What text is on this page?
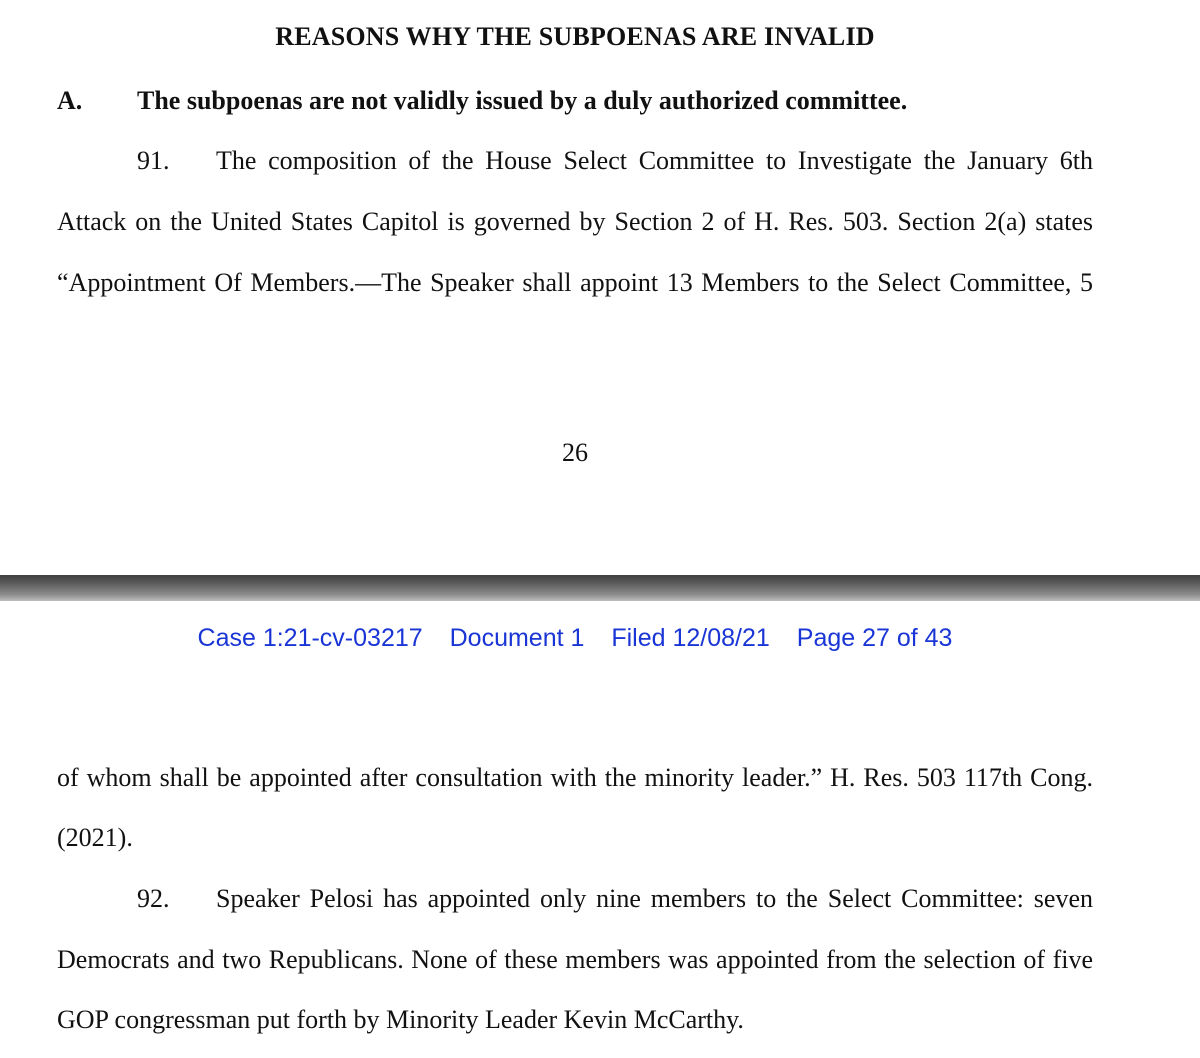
REASONS WHY THE SUBPOENAS ARE INVALID
A. The subpoenas are not validly issued by a duly authorized committee.
91. The composition of the House Select Committee to Investigate the January 6th
Attack on the United States Capitol is governed by Section 2 of H. Res. 503. Section 2(a) states
“Appointment Of Members.—The Speaker shall appoint 13 Members to the Select Committee, 5
26
Case 1:21-cv-03217 Document 1 Filed 12/08/21 Page 27 of 43
of whom shall be appointed after consultation with the minority leader.” H. Res. 503 117th Cong.
(2021).
92. Speaker Pelosi has appointed only nine members to the Select Committee: seven
Democrats and two Republicans. None of these members was appointed from the selection of five
GOP congressman put forth by Minority Leader Kevin McCarthy.
